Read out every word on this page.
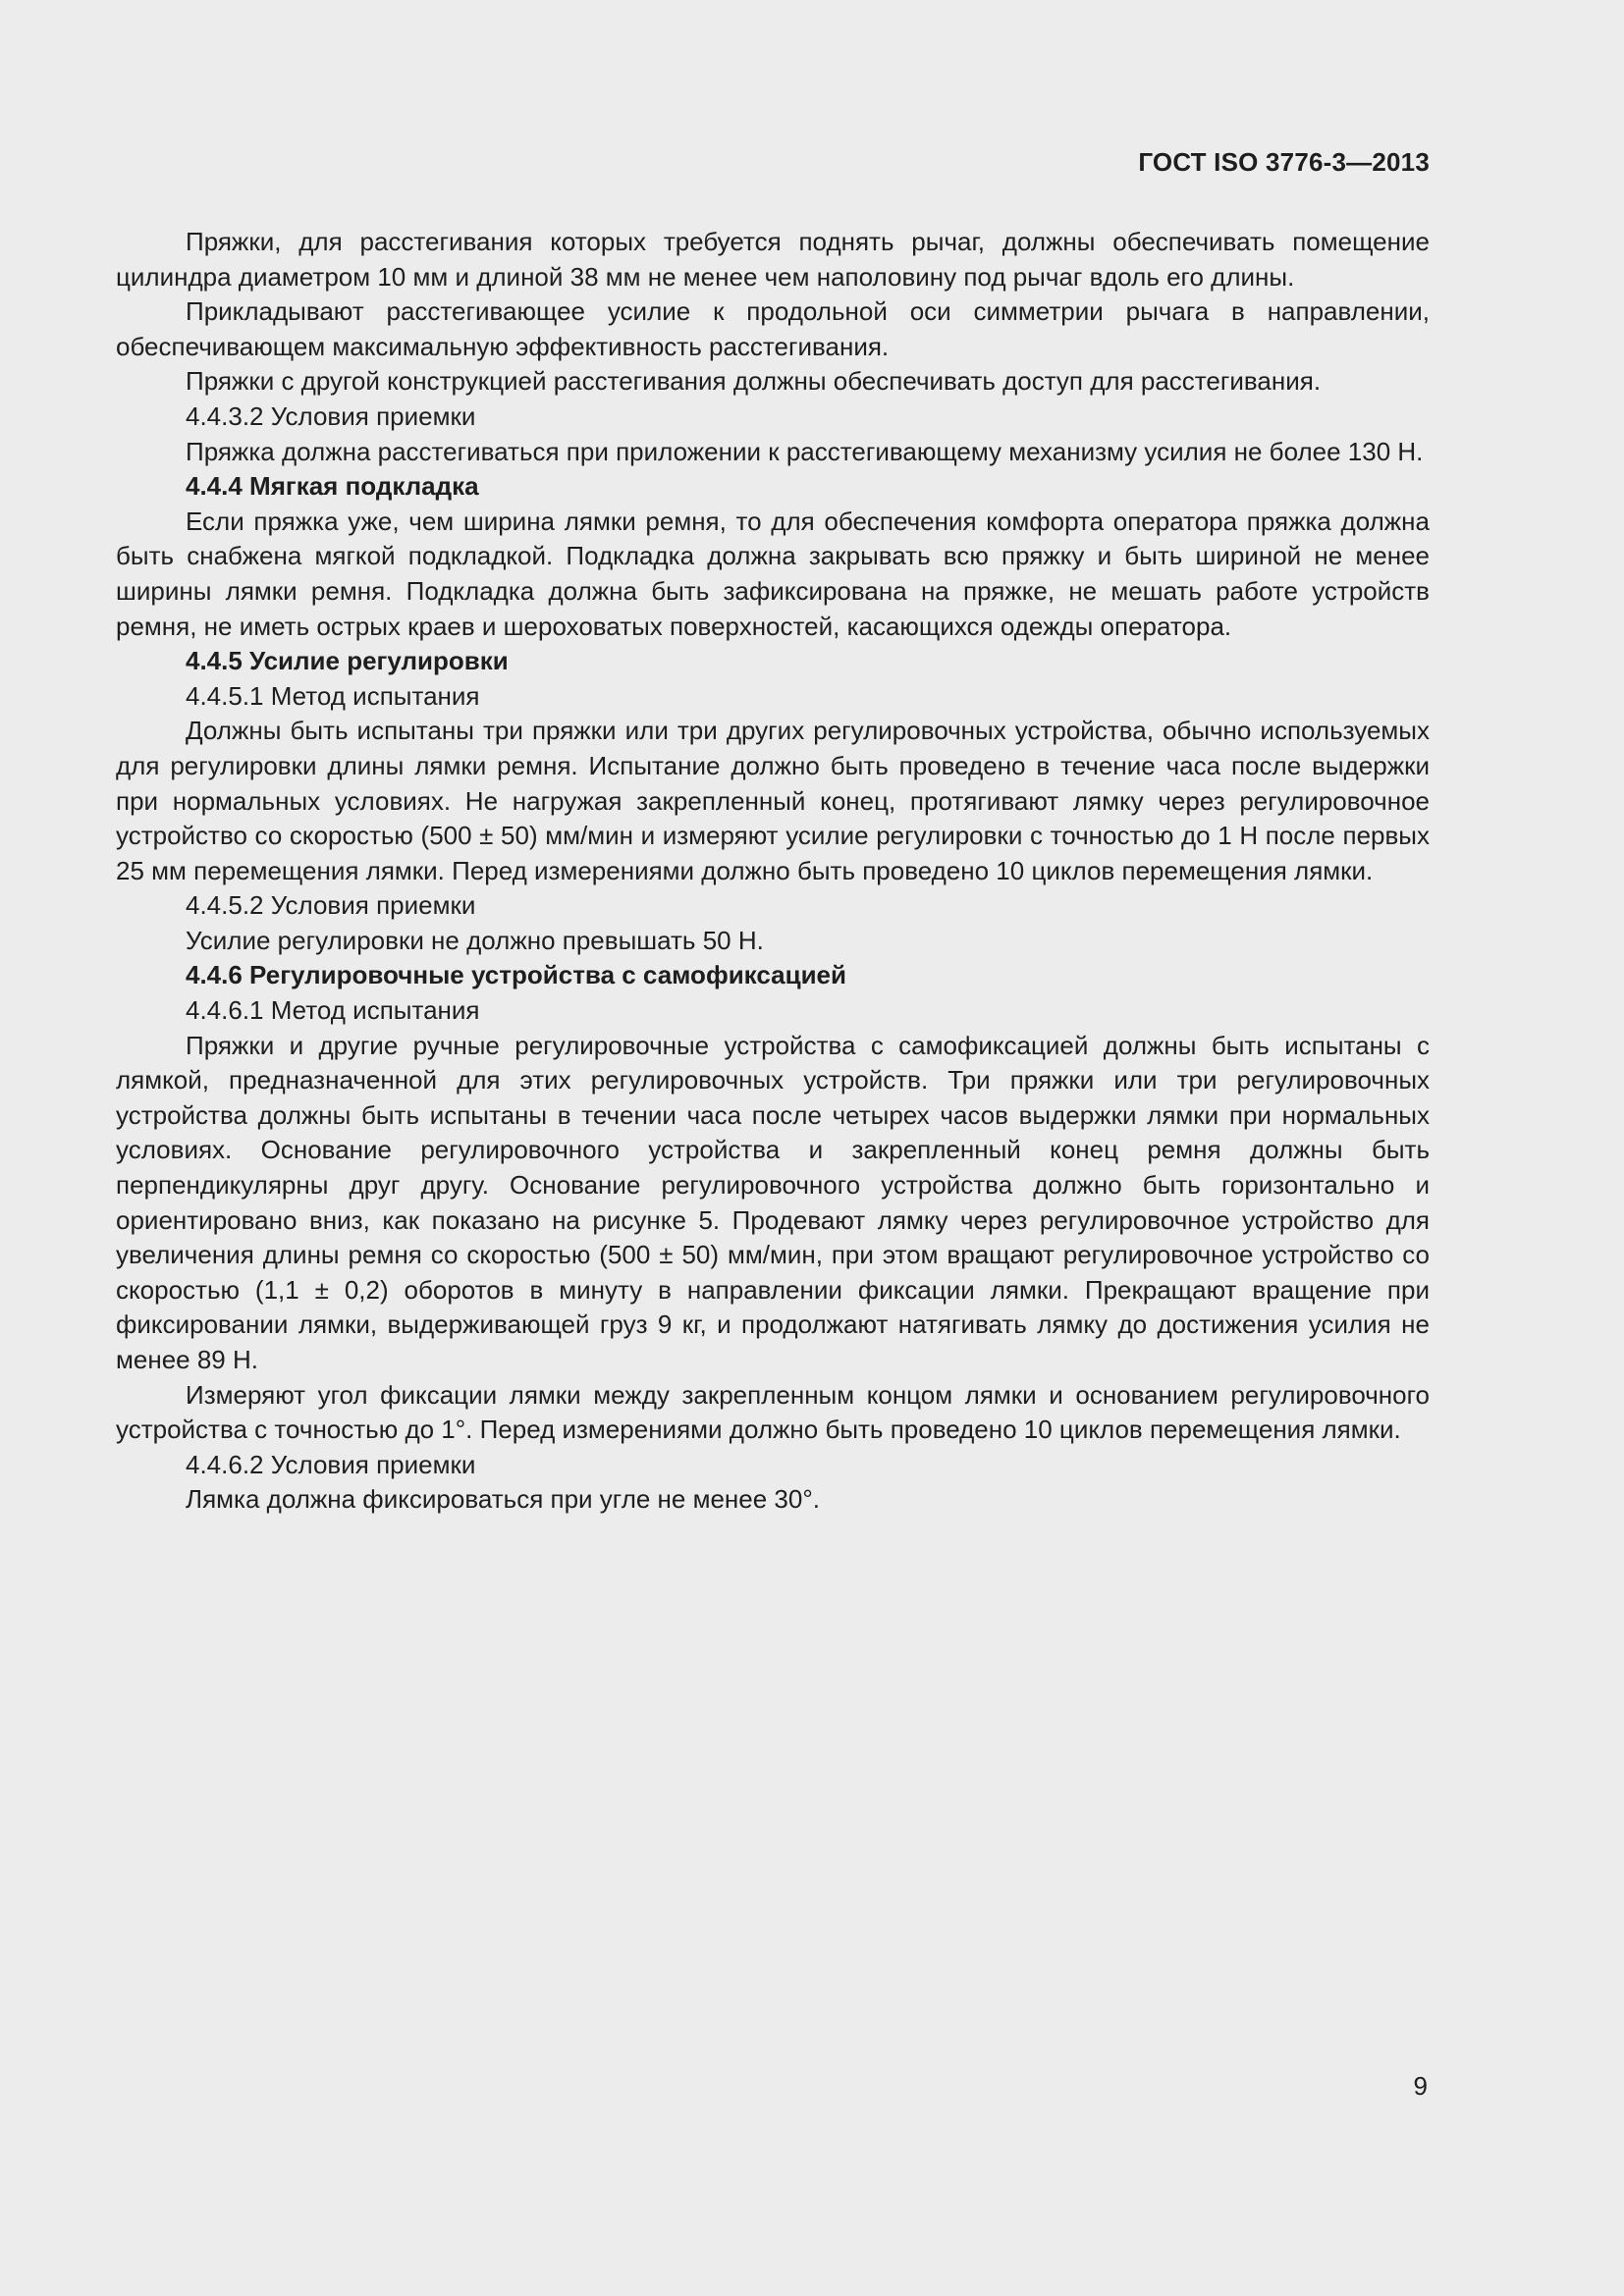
ГОСТ ISO 3776-3—2013

Пряжки, для расстегивания которых требуется поднять рычаг, должны обеспечивать помещение цилиндра диаметром 10 мм и длиной 38 мм не менее чем наполовину под рычаг вдоль его длины.

Прикладывают расстегивающее усилие к продольной оси симметрии рычага в направлении, обеспечивающем максимальную эффективность расстегивания.

Пряжки с другой конструкцией расстегивания должны обеспечивать доступ для расстегивания.

4.4.3.2 Условия приемки

Пряжка должна расстегиваться при приложении к расстегивающему механизму усилия не более 130 Н.

4.4.4 Мягкая подкладка

Если пряжка уже, чем ширина лямки ремня, то для обеспечения комфорта оператора пряжка должна быть снабжена мягкой подкладкой. Подкладка должна закрывать всю пряжку и быть шириной не менее ширины лямки ремня. Подкладка должна быть зафиксирована на пряжке, не мешать работе устройств ремня, не иметь острых краев и шероховатых поверхностей, касающихся одежды оператора.

4.4.5 Усилие регулировки

4.4.5.1 Метод испытания

Должны быть испытаны три пряжки или три других регулировочных устройства, обычно используемых для регулировки длины лямки ремня. Испытание должно быть проведено в течение часа после выдержки при нормальных условиях. Не нагружая закрепленный конец, протягивают лямку через регулировочное устройство со скоростью (500 ± 50) мм/мин и измеряют усилие регулировки с точностью до 1 Н после первых 25 мм перемещения лямки. Перед измерениями должно быть проведено 10 циклов перемещения лямки.

4.4.5.2 Условия приемки

Усилие регулировки не должно превышать 50 Н.

4.4.6 Регулировочные устройства с самофиксацией

4.4.6.1 Метод испытания

Пряжки и другие ручные регулировочные устройства с самофиксацией должны быть испытаны с лямкой, предназначенной для этих регулировочных устройств. Три пряжки или три регулировочных устройства должны быть испытаны в течении часа после четырех часов выдержки лямки при нормальных условиях. Основание регулировочного устройства и закрепленный конец ремня должны быть перпендикулярны друг другу. Основание регулировочного устройства должно быть горизонтально и ориентировано вниз, как показано на рисунке 5. Продевают лямку через регулировочное устройство для увеличения длины ремня со скоростью (500 ± 50) мм/мин, при этом вращают регулировочное устройство со скоростью (1,1 ± 0,2) оборотов в минуту в направлении фиксации лямки. Прекращают вращение при фиксировании лямки, выдерживающей груз 9 кг, и продолжают натягивать лямку до достижения усилия не менее 89 Н.

Измеряют угол фиксации лямки между закрепленным концом лямки и основанием регулировочного устройства с точностью до 1°. Перед измерениями должно быть проведено 10 циклов перемещения лямки.

4.4.6.2 Условия приемки

Лямка должна фиксироваться при угле не менее 30°.

9
